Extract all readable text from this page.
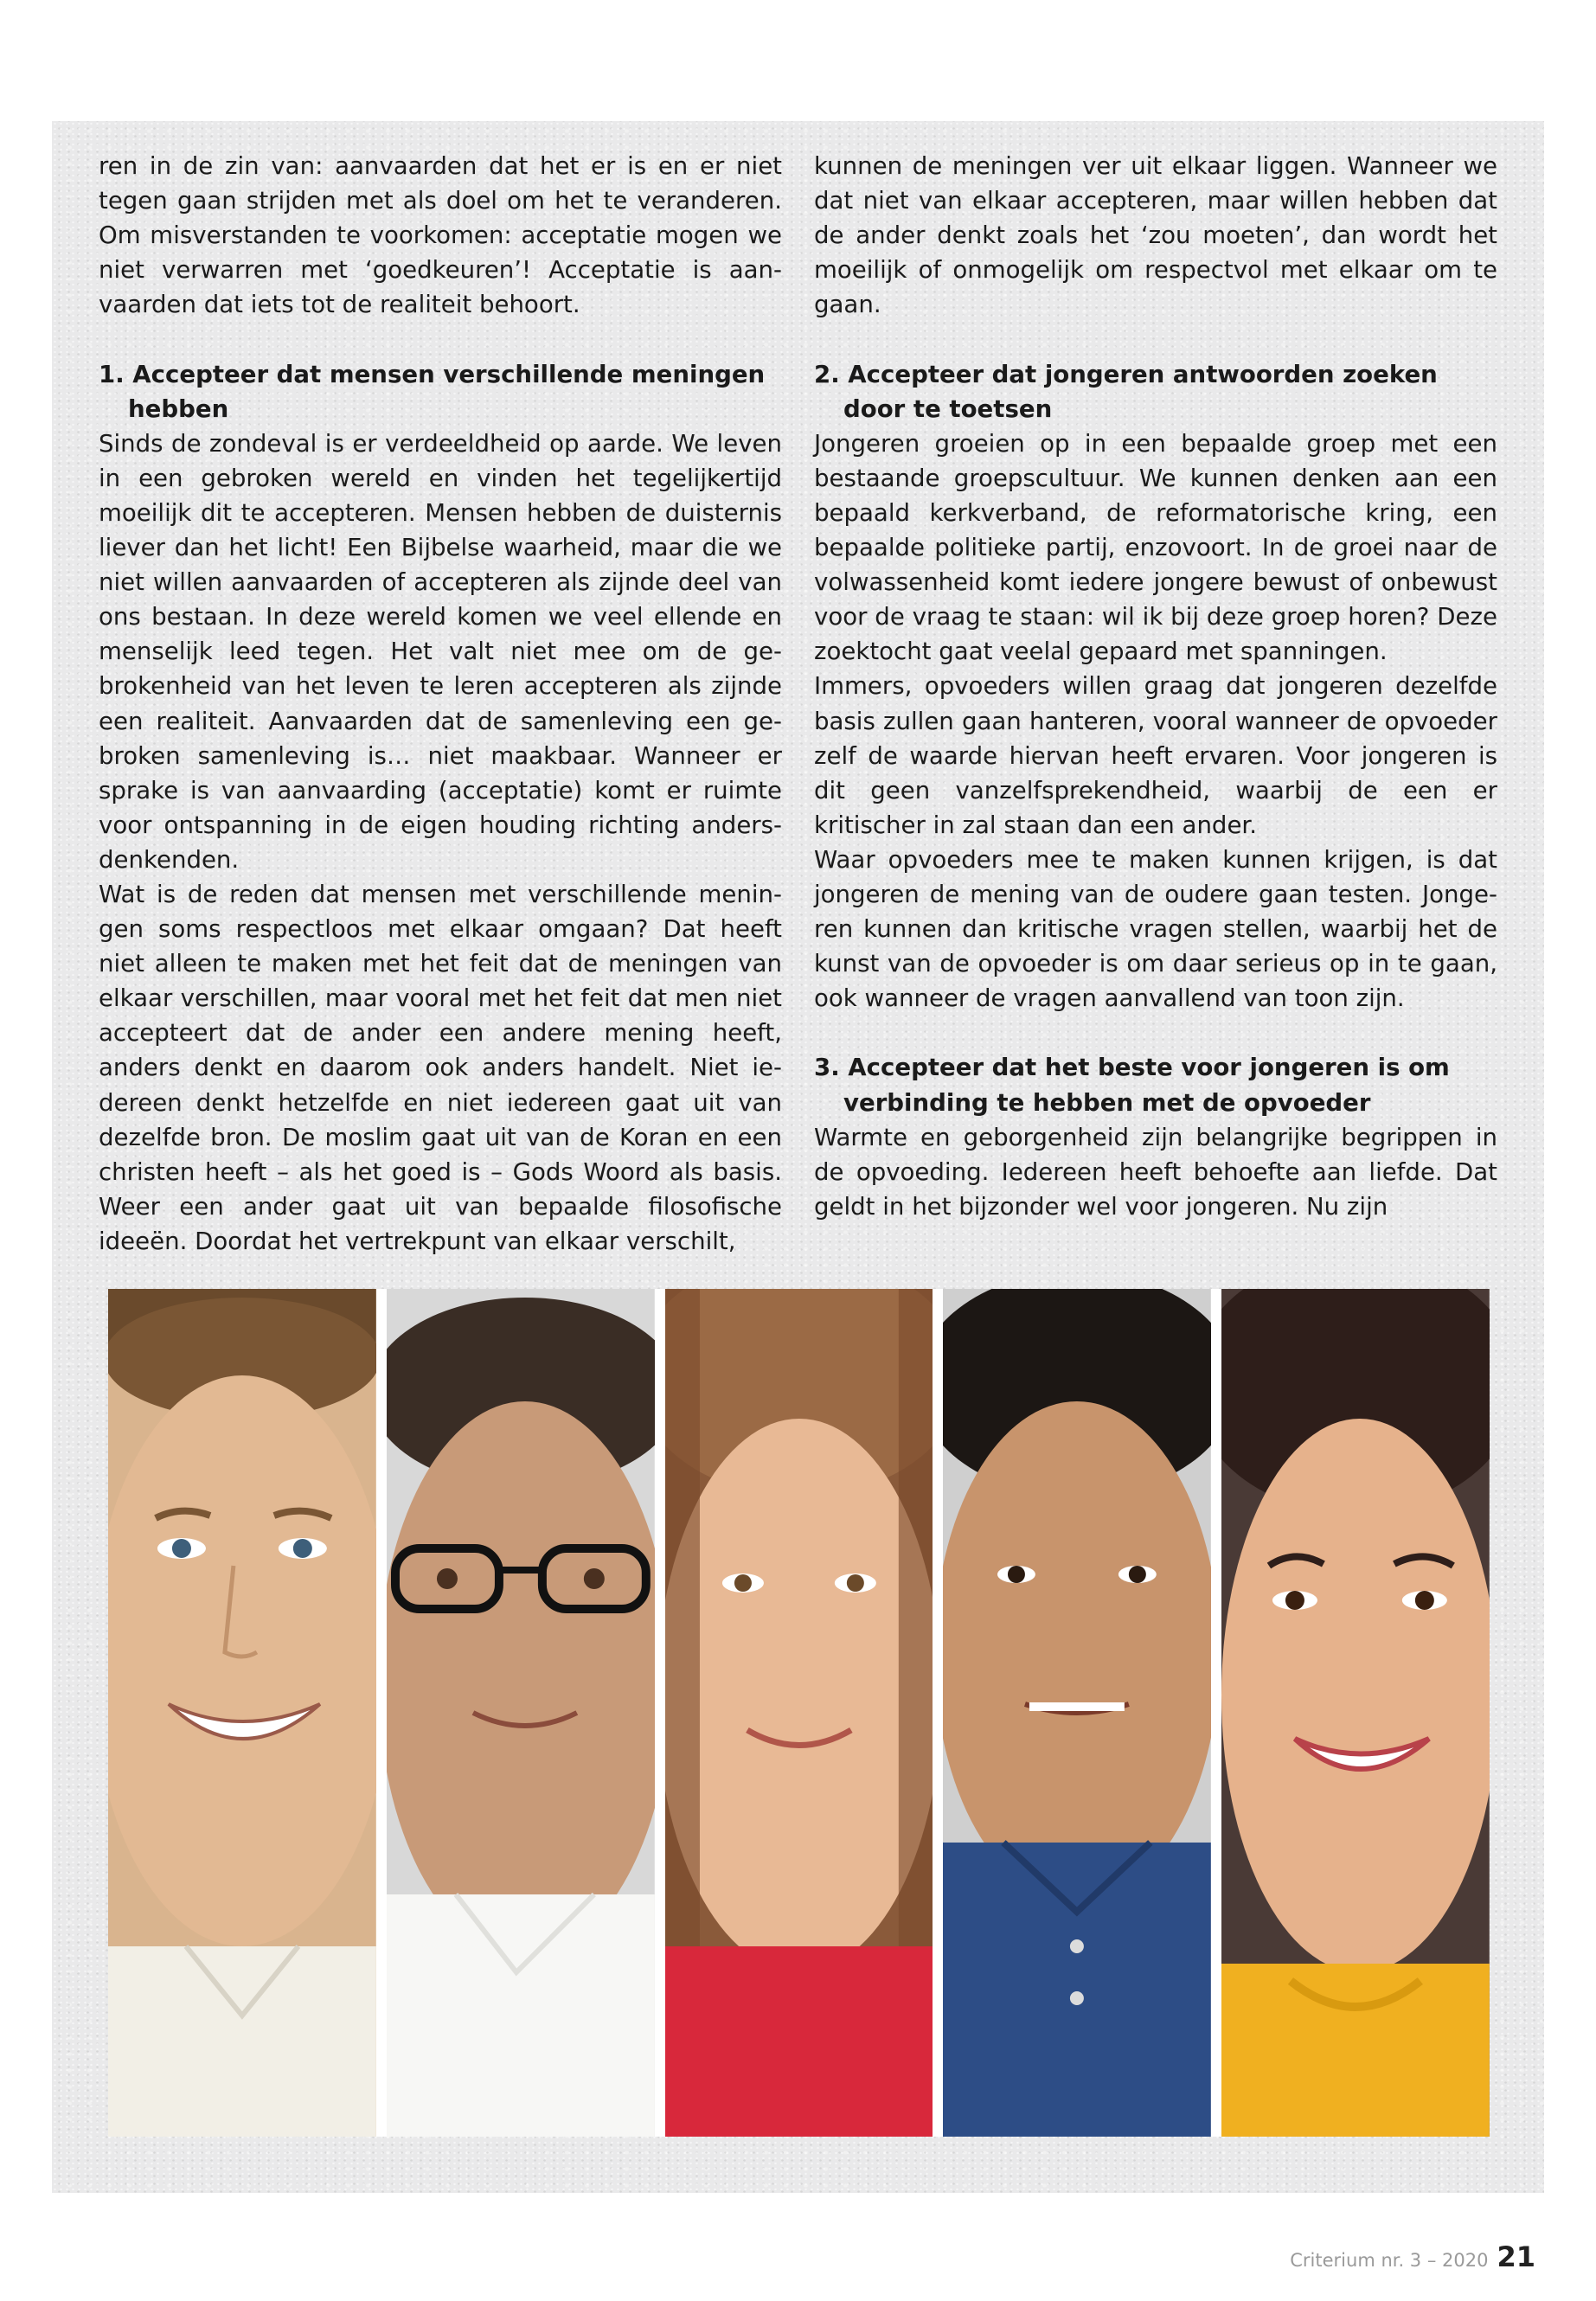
ren in de zin van: aanvaarden dat het er is en er niet tegen gaan strijden met als doel om het te veranderen. Om misverstanden te voorkomen: acceptatie mogen we niet verwarren met ‘goedkeuren’! Acceptatie is aanvaarden dat iets tot de realiteit behoort.

1. Accepteer dat mensen verschillende meningen hebben

Sinds de zondeval is er verdeeldheid op aarde. We leven in een gebroken wereld en vinden het tegelijkertijd moeilijk dit te accepteren. Mensen hebben de duisternis liever dan het licht! Een Bijbelse waarheid, maar die we niet willen aanvaarden of accepteren als zijnde deel van ons bestaan. In deze wereld komen we veel ellende en menselijk leed tegen. Het valt niet mee om de gebrokenheid van het leven te leren accepteren als zijnde een realiteit. Aanvaarden dat de samenleving een gebroken samenleving is… niet maakbaar. Wanneer er sprake is van aanvaarding (acceptatie) komt er ruimte voor ontspanning in de eigen houding richting andersdenkenden.

Wat is de reden dat mensen met verschillende meningen soms respectloos met elkaar omgaan? Dat heeft niet alleen te maken met het feit dat de meningen van elkaar verschillen, maar vooral met het feit dat men niet accepteert dat de ander een andere mening heeft, anders denkt en daarom ook anders handelt. Niet iedereen denkt hetzelfde en niet iedereen gaat uit van dezelfde bron. De moslim gaat uit van de Koran en een christen heeft – als het goed is – Gods Woord als basis. Weer een ander gaat uit van bepaalde filosofische ideeën. Doordat het vertrekpunt van elkaar verschilt,

kunnen de meningen ver uit elkaar liggen. Wanneer we dat niet van elkaar accepteren, maar willen hebben dat de ander denkt zoals het ‘zou moeten’, dan wordt het moeilijk of onmogelijk om respectvol met elkaar om te gaan.

2. Accepteer dat jongeren antwoorden zoeken door te toetsen

Jongeren groeien op in een bepaalde groep met een bestaande groepscultuur. We kunnen denken aan een bepaald kerkverband, de reformatorische kring, een bepaalde politieke partij, enzovoort. In de groei naar de volwassenheid komt iedere jongere bewust of onbewust voor de vraag te staan: wil ik bij deze groep horen? Deze zoektocht gaat veelal gepaard met spanningen.

Immers, opvoeders willen graag dat jongeren dezelfde basis zullen gaan hanteren, vooral wanneer de opvoeder zelf de waarde hiervan heeft ervaren. Voor jongeren is dit geen vanzelfsprekendheid, waarbij de een er kritischer in zal staan dan een ander.

Waar opvoeders mee te maken kunnen krijgen, is dat jongeren de mening van de oudere gaan testen. Jongeren kunnen dan kritische vragen stellen, waarbij het de kunst van de opvoeder is om daar serieus op in te gaan, ook wanneer de vragen aanvallend van toon zijn.

3. Accepteer dat het beste voor jongeren is om verbinding te hebben met de opvoeder

Warmte en geborgenheid zijn belangrijke begrippen in de opvoeding. Iedereen heeft behoefte aan liefde. Dat geldt in het bijzonder wel voor jongeren. Nu zijn

Criterium nr. 3 – 2020 21
